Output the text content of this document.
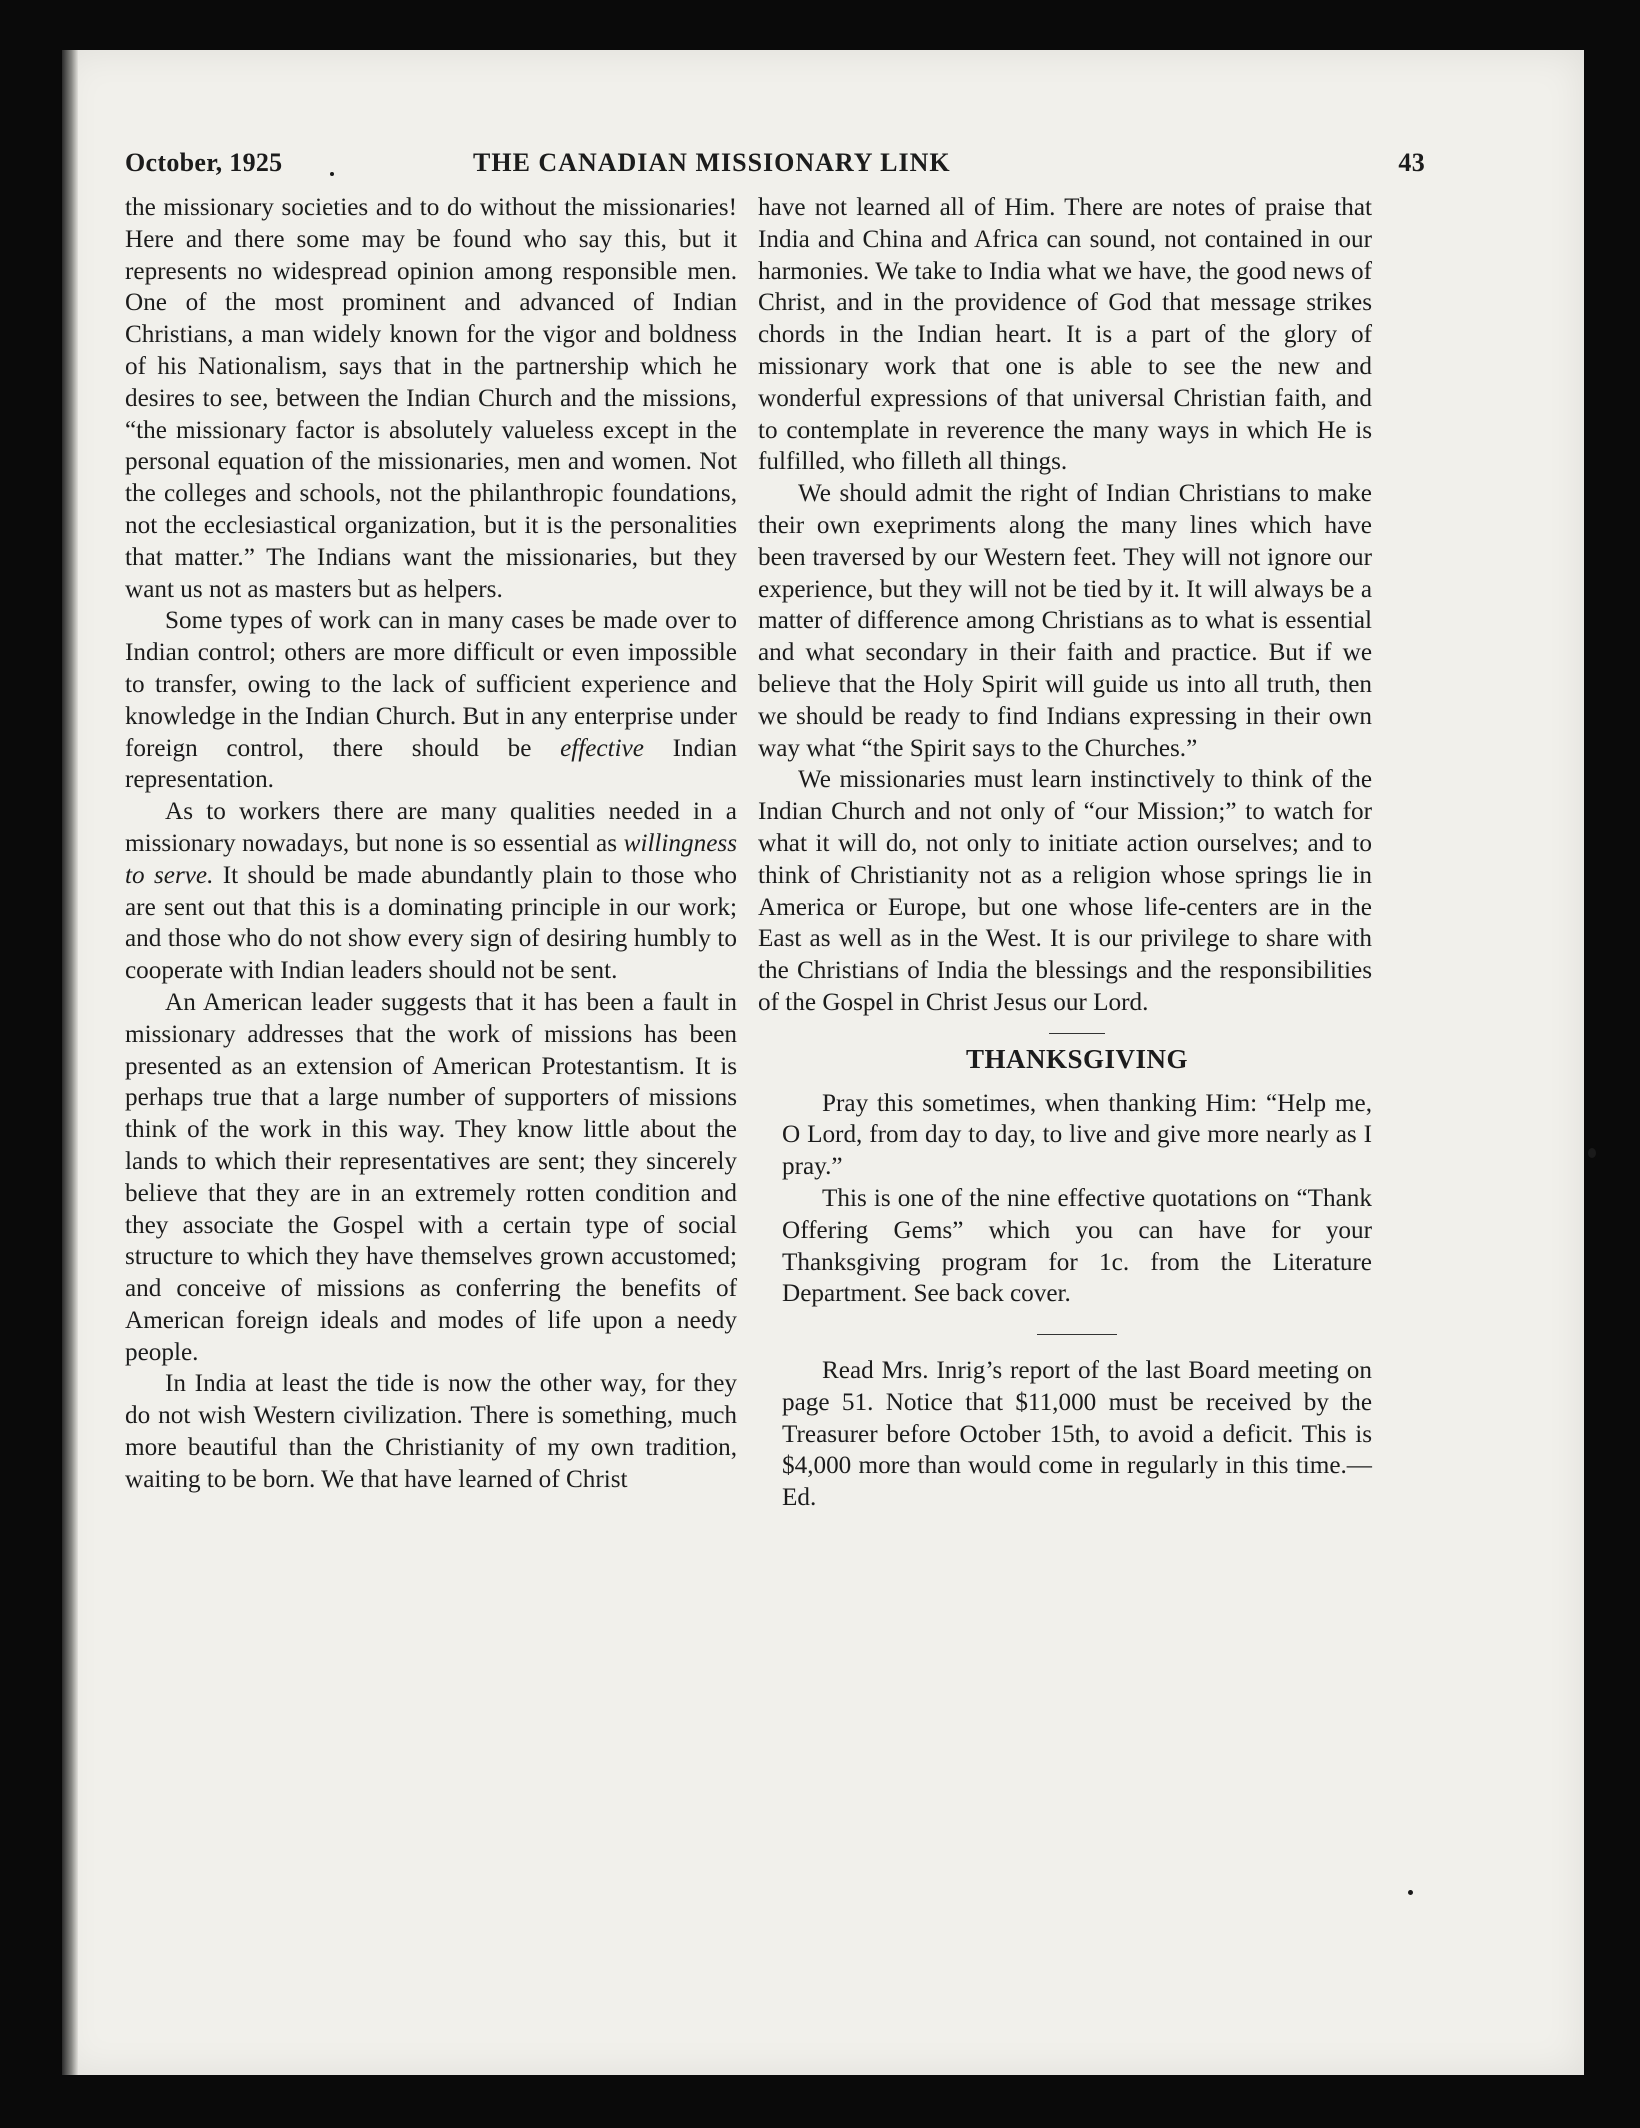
October, 1925	THE CANADIAN MISSIONARY LINK	43

the missionary societies and to do without the missionaries! Here and there some may be found who say this, but it represents no widespread opinion among responsible men. One of the most prominent and advanced of Indian Christians, a man widely known for the vigor and boldness of his Nationalism, says that in the partnership which he desires to see, between the Indian Church and the missions, “the missionary factor is absolutely valueless except in the personal equation of the missionaries, men and women. Not the colleges and schools, not the philanthropic foundations, not the ecclesiastical organization, but it is the personalities that matter.” The Indians want the missionaries, but they want us not as masters but as helpers.

Some types of work can in many cases be made over to Indian control; others are more difficult or even impossible to transfer, owing to the lack of sufficient experience and knowledge in the Indian Church. But in any enterprise under foreign control, there should be effective Indian representation.

As to workers there are many qualities needed in a missionary nowadays, but none is so essential as willingness to serve. It should be made abundantly plain to those who are sent out that this is a dominating principle in our work; and those who do not show every sign of desiring humbly to cooperate with Indian leaders should not be sent.

An American leader suggests that it has been a fault in missionary addresses that the work of missions has been presented as an extension of American Protestantism. It is perhaps true that a large number of supporters of missions think of the work in this way. They know little about the lands to which their representatives are sent; they sincerely believe that they are in an extremely rotten condition and they associate the Gospel with a certain type of social structure to which they have themselves grown accustomed; and conceive of missions as conferring the benefits of American foreign ideals and modes of life upon a needy people.

In India at least the tide is now the other way, for they do not wish Western civilization. There is something, much more beautiful than the Christianity of my own tradition, waiting to be born. We that have learned of Christ

have not learned all of Him. There are notes of praise that India and China and Africa can sound, not contained in our harmonies. We take to India what we have, the good news of Christ, and in the providence of God that message strikes chords in the Indian heart. It is a part of the glory of missionary work that one is able to see the new and wonderful expressions of that universal Christian faith, and to contemplate in reverence the many ways in which He is fulfilled, who filleth all things.

We should admit the right of Indian Christians to make their own exepriments along the many lines which have been traversed by our Western feet. They will not ignore our experience, but they will not be tied by it. It will always be a matter of difference among Christians as to what is essential and what secondary in their faith and practice. But if we believe that the Holy Spirit will guide us into all truth, then we should be ready to find Indians expressing in their own way what “the Spirit says to the Churches.”

We missionaries must learn instinctively to think of the Indian Church and not only of “our Mission;” to watch for what it will do, not only to initiate action ourselves; and to think of Christianity not as a religion whose springs lie in America or Europe, but one whose life-centers are in the East as well as in the West. It is our privilege to share with the Christians of India the blessings and the responsibilities of the Gospel in Christ Jesus our Lord.

THANKSGIVING

Pray this sometimes, when thanking Him: “Help me, O Lord, from day to day, to live and give more nearly as I pray.”

This is one of the nine effective quotations on “Thank Offering Gems” which you can have for your Thanksgiving program for 1c. from the Literature Department. See back cover.

Read Mrs. Inrig’s report of the last Board meeting on page 51. Notice that $11,000 must be received by the Treasurer before October 15th, to avoid a deficit. This is $4,000 more than would come in regularly in this time.—Ed.
